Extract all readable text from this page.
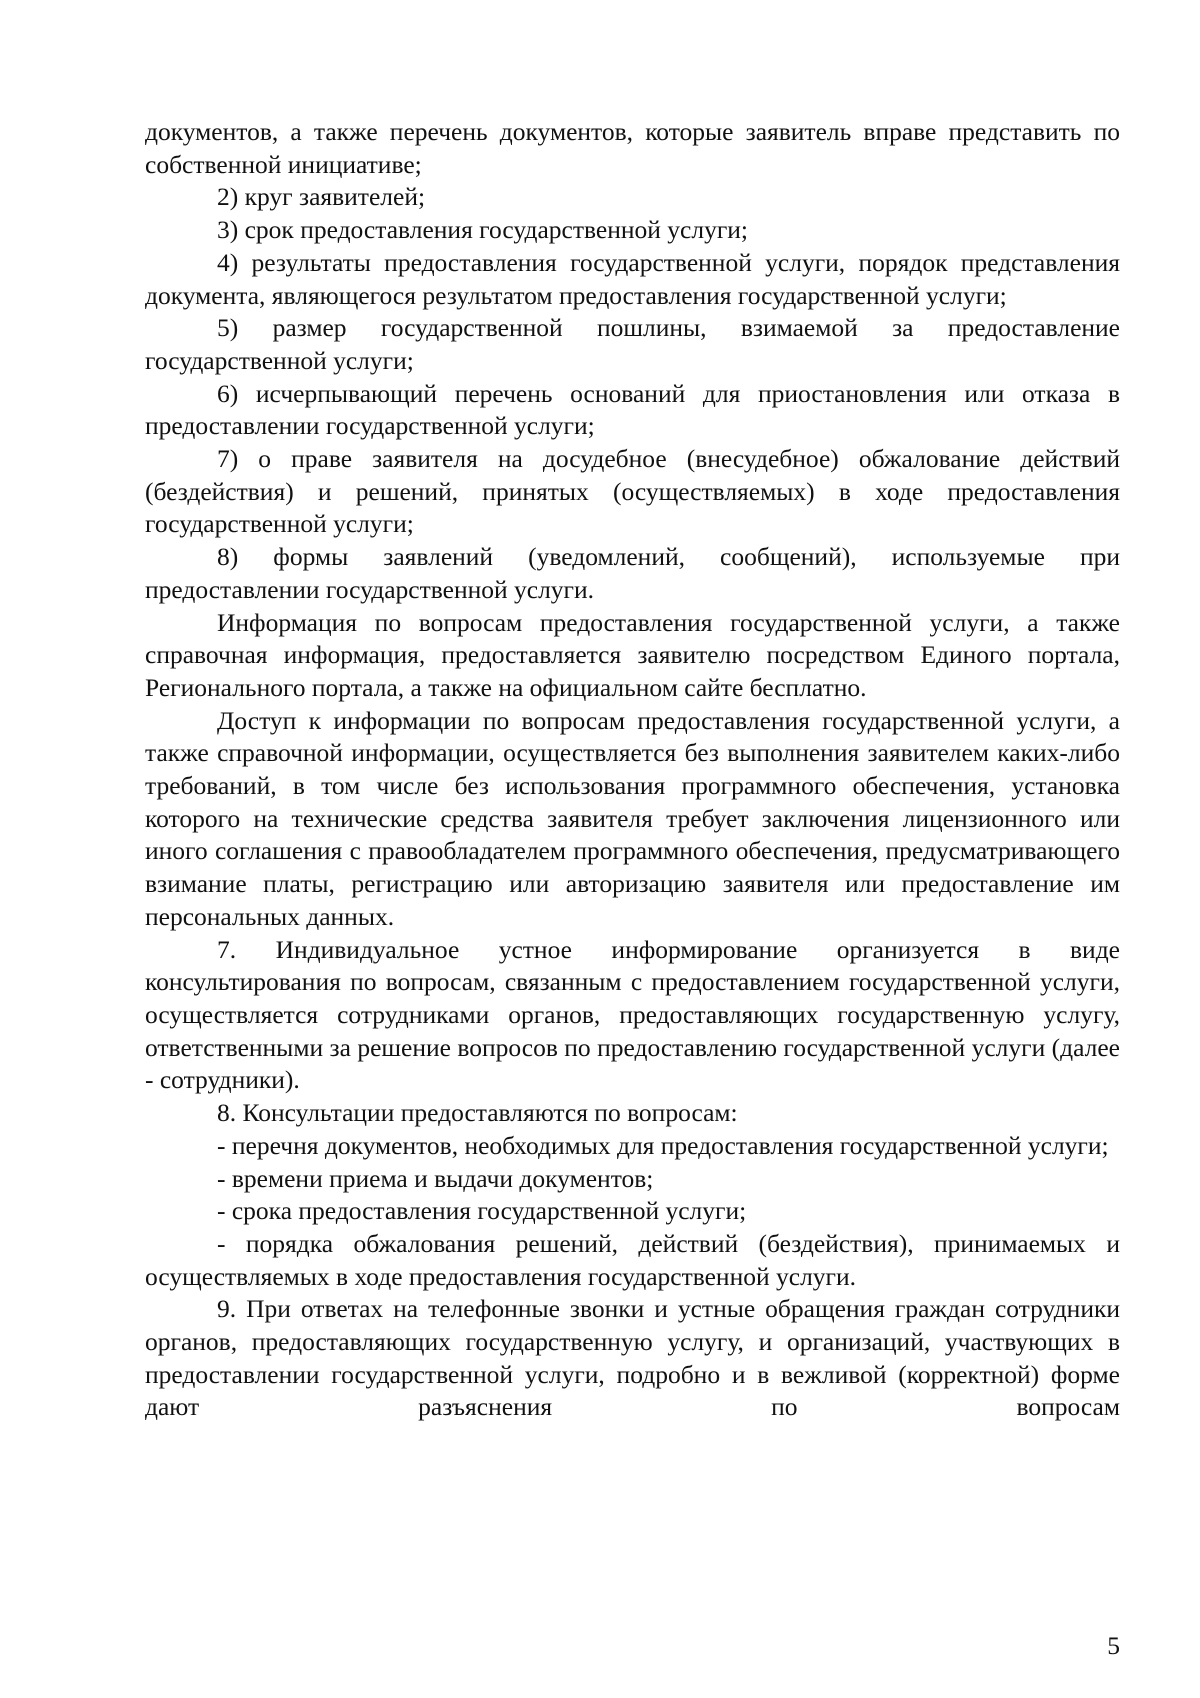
документов, а также перечень документов, которые заявитель вправе представить по собственной инициативе;

2) круг заявителей;

3) срок предоставления государственной услуги;

4) результаты предоставления государственной услуги, порядок представления документа, являющегося результатом предоставления государственной услуги;

5) размер государственной пошлины, взимаемой за предоставление государственной услуги;

6) исчерпывающий перечень оснований для приостановления или отказа в предоставлении государственной услуги;

7) о праве заявителя на досудебное (внесудебное) обжалование действий (бездействия) и решений, принятых (осуществляемых) в ходе предоставления государственной услуги;

8) формы заявлений (уведомлений, сообщений), используемые при предоставлении государственной услуги.

Информация по вопросам предоставления государственной услуги, а также справочная информация, предоставляется заявителю посредством Единого портала, Регионального портала, а также на официальном сайте бесплатно.

Доступ к информации по вопросам предоставления государственной услуги, а также справочной информации, осуществляется без выполнения заявителем каких-либо требований, в том числе без использования программного обеспечения, установка которого на технические средства заявителя требует заключения лицензионного или иного соглашения с правообладателем программного обеспечения, предусматривающего взимание платы, регистрацию или авторизацию заявителя или предоставление им персональных данных.

7. Индивидуальное устное информирование организуется в виде консультирования по вопросам, связанным с предоставлением государственной услуги, осуществляется сотрудниками органов, предоставляющих государственную услугу, ответственными за решение вопросов по предоставлению государственной услуги (далее - сотрудники).

8. Консультации предоставляются по вопросам:

- перечня документов, необходимых для предоставления государственной услуги;

- времени приема и выдачи документов;

- срока предоставления государственной услуги;

- порядка обжалования решений, действий (бездействия), принимаемых и осуществляемых в ходе предоставления государственной услуги.

9. При ответах на телефонные звонки и устные обращения граждан сотрудники органов, предоставляющих государственную услугу, и организаций, участвующих в предоставлении государственной услуги, подробно и в вежливой (корректной) форме дают разъяснения по вопросам

5
